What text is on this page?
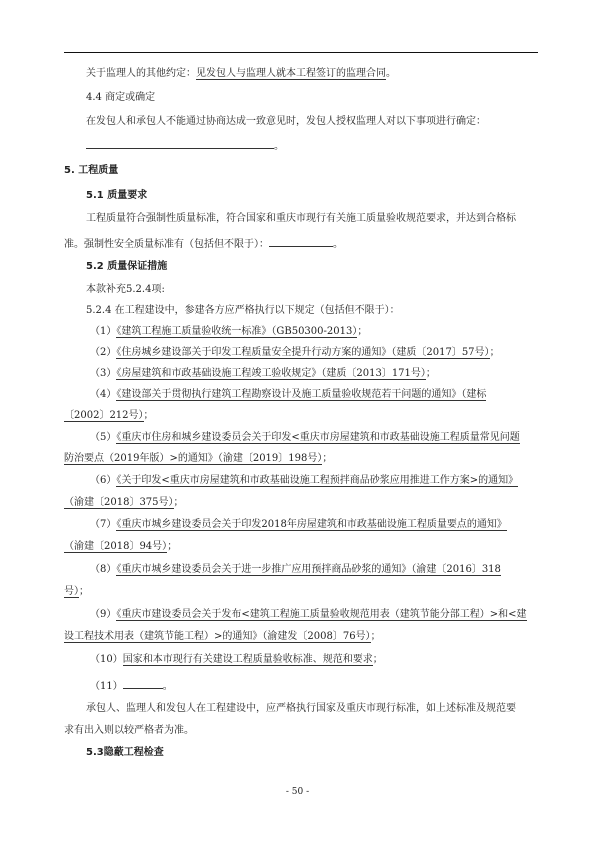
关于监理人的其他约定：见发包人与监理人就本工程签订的监理合同。
4.4 商定或确定
在发包人和承包人不能通过协商达成一致意见时，发包人授权监理人对以下事项进行确定：
。
5. 工程质量
5.1 质量要求
工程质量符合强制性质量标准，符合国家和重庆市现行有关施工质量验收规范要求，并达到合格标
准。强制性安全质量标准有（包括但不限于）：	。
5.2 质量保证措施
本款补充5.2.4项:
5.2.4 在工程建设中，参建各方应严格执行以下规定（包括但不限于）：
（1）《建筑工程施工质量验收统一标准》（GB50300-2013）；
（2）《住房城乡建设部关于印发工程质量安全提升行动方案的通知》（建质〔2017〕57号）；
（3）《房屋建筑和市政基础设施工程竣工验收规定》（建质〔2013〕171号）；
（4）《建设部关于贯彻执行建筑工程勘察设计及施工质量验收规范若干问题的通知》（建标
〔2002〕212号）；
（5）《重庆市住房和城乡建设委员会关于印发<重庆市房屋建筑和市政基础设施工程质量常见问题
防治要点（2019年版）>的通知》（渝建〔2019〕198号）；
（6）《关于印发<重庆市房屋建筑和市政基础设施工程预拌商品砂浆应用推进工作方案>的通知》
（渝建〔2018〕375号）；
（7）《重庆市城乡建设委员会关于印发2018年房屋建筑和市政基础设施工程质量要点的通知》
（渝建〔2018〕94号）；
（8）《重庆市城乡建设委员会关于进一步推广应用预拌商品砂浆的通知》（渝建〔2016〕318
号）；
（9）《重庆市建设委员会关于发布<建筑工程施工质量验收规范用表（建筑节能分部工程）>和<建
设工程技术用表（建筑节能工程）>的通知》（渝建发〔2008〕76号）；
（10）国家和本市现行有关建设工程质量验收标准、规范和要求；
（11）	。
承包人、监理人和发包人在工程建设中，应严格执行国家及重庆市现行标准，如上述标准及规范要
求有出入则以较严格者为准。
5.3隐蔽工程检查
- 50 -
